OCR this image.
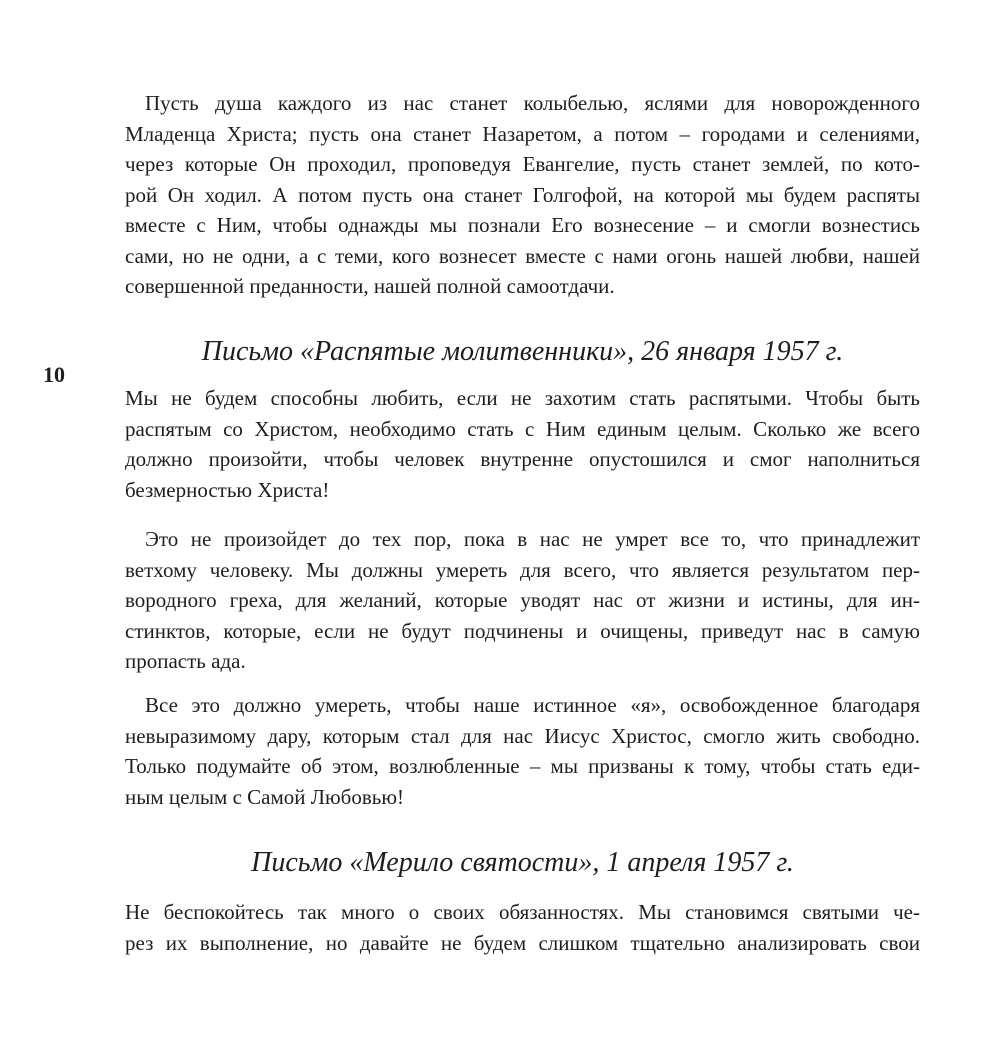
10
Пусть душа каждого из нас станет колыбелью, яслями для новорожденного
Младенца Христа; пусть она станет Назаретом, а потом – городами и селениями,
через которые Он проходил, проповедуя Евангелие, пусть станет землей, по кото-
рой Он ходил. А потом пусть она станет Голгофой, на которой мы будем распяты
вместе с Ним, чтобы однажды мы познали Его вознесение – и смогли вознестись
сами, но не одни, а с теми, кого вознесет вместе с нами огонь нашей любви, нашей
совершенной преданности, нашей полной самоотдачи.
Письмо «Распятые молитвенники», 26 января 1957 г.
Мы не будем способны любить, если не захотим стать распятыми. Чтобы быть
распятым со Христом, необходимо стать с Ним единым целым. Сколько же всего
должно произойти, чтобы человек внутренне опустошился и смог наполниться
безмерностью Христа!
Это не произойдет до тех пор, пока в нас не умрет все то, что принадлежит
ветхому человеку. Мы должны умереть для всего, что является результатом пер-
вородного греха, для желаний, которые уводят нас от жизни и истины, для ин-
стинктов, которые, если не будут подчинены и очищены, приведут нас в самую
пропасть ада.
Все это должно умереть, чтобы наше истинное «я», освобожденное благодаря
невыразимому дару, которым стал для нас Иисус Христос, смогло жить свободно.
Только подумайте об этом, возлюбленные – мы призваны к тому, чтобы стать еди-
ным целым с Самой Любовью!
Письмо «Мерило святости», 1 апреля 1957 г.
Не беспокойтесь так много о своих обязанностях. Мы становимся святыми че-
рез их выполнение, но давайте не будем слишком тщательно анализировать свои
